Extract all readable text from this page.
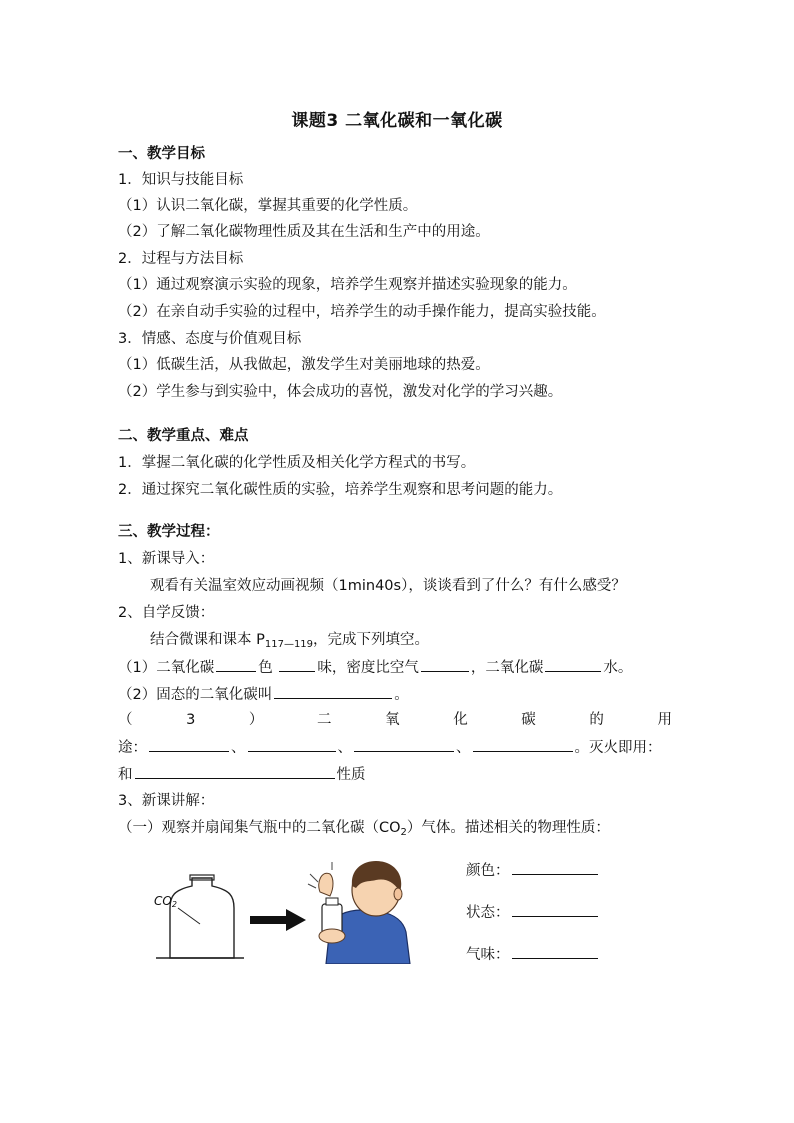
课题3 二氧化碳和一氧化碳
一、教学目标
1．知识与技能目标
（1）认识二氧化碳，掌握其重要的化学性质。
（2）了解二氧化碳物理性质及其在生活和生产中的用途。
2．过程与方法目标
（1）通过观察演示实验的现象，培养学生观察并描述实验现象的能力。
（2）在亲自动手实验的过程中，培养学生的动手操作能力，提高实验技能。
3．情感、态度与价值观目标
（1）低碳生活，从我做起，激发学生对美丽地球的热爱。
（2）学生参与到实验中，体会成功的喜悦，激发对化学的学习兴趣。
二、教学重点、难点
1．掌握二氧化碳的化学性质及相关化学方程式的书写。
2．通过探究二氧化碳性质的实验，培养学生观察和思考问题的能力。
三、教学过程：
1、新课导入：
观看有关温室效应动画视频（1min40s），谈谈看到了什么？有什么感受？
2、自学反馈：
结合微课和课本 $P_{117—119}$，完成下列填空。
（1）二氧化碳	色	味，密度比空气	，二氧化碳	水。
（2）固态的二氧化碳叫	。
（	3	）	二	氧	化	碳	的	用
途：	、	、	、	。灭火即用：
和	性质
3、新课讲解：
（一）观察并扇闻集气瓶中的二氧化碳$(CO_2)$气体。描述相关的物理性质：
CO2
颜色：
状态：
气味：
